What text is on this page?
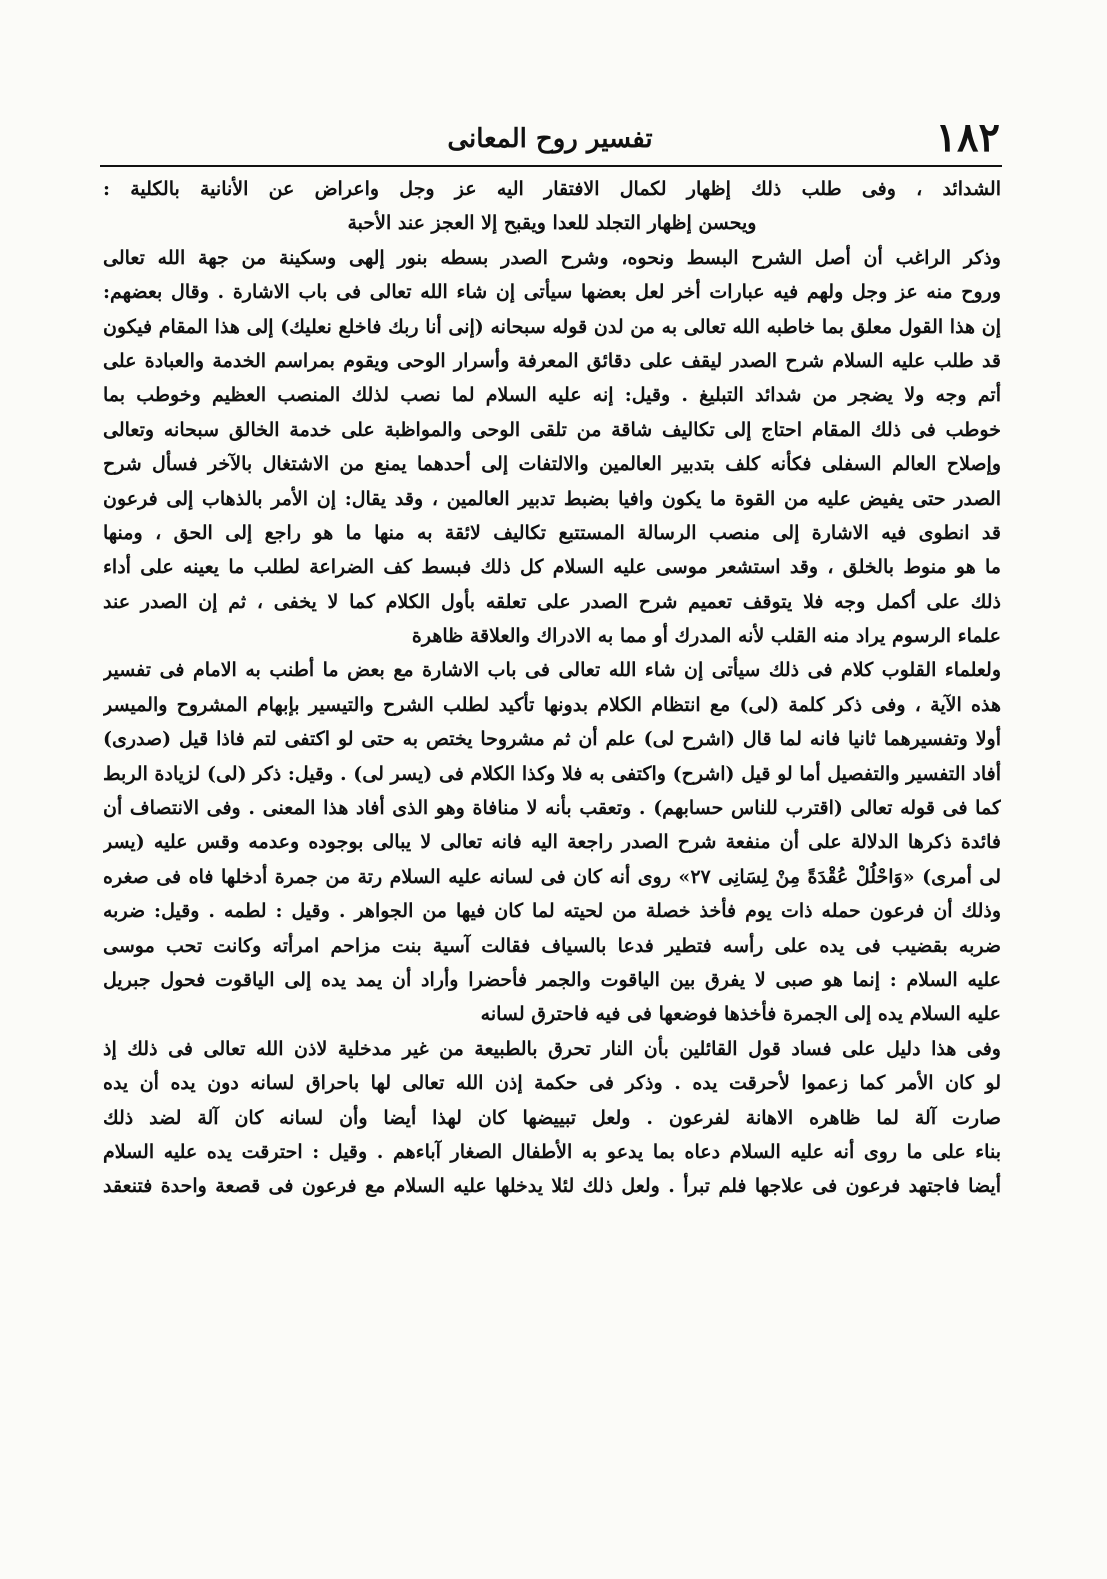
١٨٢
تفسير روح المعانى
الشدائد ، وفى طلب ذلك إظهار لكمال الافتقار اليه عز وجل واعراض عن الأنانية بالكلية :
ويحسن إظهار التجلد للعدا ويقبح إلا العجز عند الأحبة
وذكر الراغب أن أصل الشرح البسط ونحوه، وشرح الصدر بسطه بنور إلهى وسكينة من جهة الله تعالى
وروح منه عز وجل ولهم فيه عبارات أخر لعل بعضها سيأتى إن شاء الله تعالى فى باب الاشارة . وقال بعضهم:
إن هذا القول معلق بما خاطبه الله تعالى به من لدن قوله سبحانه (إنى أنا ربك فاخلع نعليك) إلى هذا المقام فيكون
قد طلب عليه السلام شرح الصدر ليقف على دقائق المعرفة وأسرار الوحى ويقوم بمراسم الخدمة والعبادة على
أتم وجه ولا يضجر من شدائد التبليغ . وقيل: إنه عليه السلام لما نصب لذلك المنصب العظيم وخوطب بما
خوطب فى ذلك المقام احتاج إلى تكاليف شاقة من تلقى الوحى والمواظبة على خدمة الخالق سبحانه وتعالى
وإصلاح العالم السفلى فكأنه كلف بتدبير العالمين والالتفات إلى أحدهما يمنع من الاشتغال بالآخر فسأل شرح
الصدر حتى يفيض عليه من القوة ما يكون وافيا بضبط تدبير العالمين ، وقد يقال: إن الأمر بالذهاب إلى فرعون
قد انطوى فيه الاشارة إلى منصب الرسالة المستتبع تكاليف لائقة به منها ما هو راجع إلى الحق ، ومنها
ما هو منوط بالخلق ، وقد استشعر موسى عليه السلام كل ذلك فبسط كف الضراعة لطلب ما يعينه على أداء
ذلك على أكمل وجه فلا يتوقف تعميم شرح الصدر على تعلقه بأول الكلام كما لا يخفى ، ثم إن الصدر عند
علماء الرسوم يراد منه القلب لأنه المدرك أو مما به الادراك والعلاقة ظاهرة
ولعلماء القلوب كلام فى ذلك سيأتى إن شاء الله تعالى فى باب الاشارة مع بعض ما أطنب به الامام فى تفسير
هذه الآية ، وفى ذكر كلمة (لى) مع انتظام الكلام بدونها تأكيد لطلب الشرح والتيسير بإبهام المشروح والميسر
أولا وتفسيرهما ثانيا فانه لما قال (اشرح لى) علم أن ثم مشروحا يختص به حتى لو اكتفى لتم فاذا قيل (صدرى)
أفاد التفسير والتفصيل أما لو قيل (اشرح) واكتفى به فلا وكذا الكلام فى (يسر لى) . وقيل: ذكر (لى) لزيادة الربط
كما فى قوله تعالى (اقترب للناس حسابهم) . وتعقب بأنه لا منافاة وهو الذى أفاد هذا المعنى . وفى الانتصاف أن
فائدة ذكرها الدلالة على أن منفعة شرح الصدر راجعة اليه فانه تعالى لا يبالى بوجوده وعدمه وقس عليه (يسر
لى أمرى) «وَاحْلُلْ عُقْدَةً مِنْ لِسَانِى ٢٧» روى أنه كان فى لسانه عليه السلام رتة من جمرة أدخلها فاه فى صغره
وذلك أن فرعون حمله ذات يوم فأخذ خصلة من لحيته لما كان فيها من الجواهر . وقيل : لطمه . وقيل: ضربه
ضربه بقضيب فى يده على رأسه فتطير فدعا بالسياف فقالت آسية بنت مزاحم امرأته وكانت تحب موسى
عليه السلام : إنما هو صبى لا يفرق بين الياقوت والجمر فأحضرا وأراد أن يمد يده إلى الياقوت فحول جبريل
عليه السلام يده إلى الجمرة فأخذها فوضعها فى فيه فاحترق لسانه
وفى هذا دليل على فساد قول القائلين بأن النار تحرق بالطبيعة من غير مدخلية لاذن الله تعالى فى ذلك إذ
لو كان الأمر كما زعموا لأحرقت يده . وذكر فى حكمة إذن الله تعالى لها باحراق لسانه دون يده أن يده
صارت آلة لما ظاهره الاهانة لفرعون . ولعل تبييضها كان لهذا أيضا وأن لسانه كان آلة لضد ذلك
بناء على ما روى أنه عليه السلام دعاه بما يدعو به الأطفال الصغار آباءهم . وقيل : احترقت يده عليه السلام
أيضا فاجتهد فرعون فى علاجها فلم تبرأ . ولعل ذلك لئلا يدخلها عليه السلام مع فرعون فى قصعة واحدة فتنعقد
